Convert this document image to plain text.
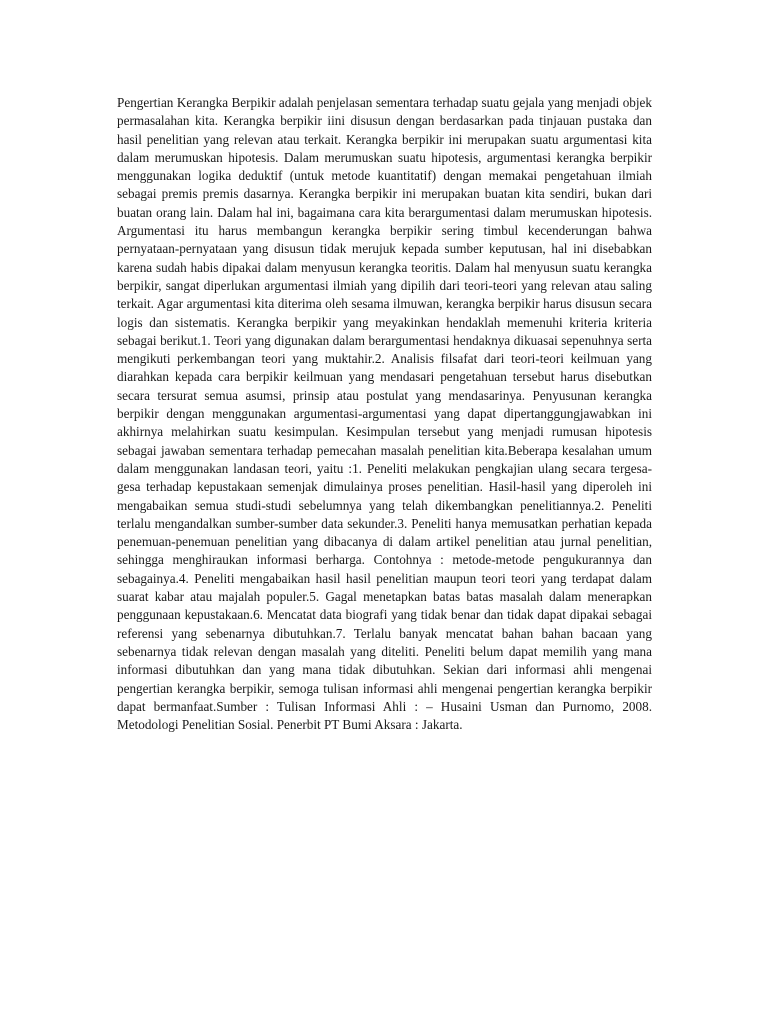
Pengertian Kerangka Berpikir adalah penjelasan sementara terhadap suatu gejala yang menjadi objek permasalahan kita. Kerangka berpikir iini disusun dengan berdasarkan pada tinjauan pustaka dan hasil penelitian yang relevan atau terkait. Kerangka berpikir ini merupakan suatu argumentasi kita dalam merumuskan hipotesis. Dalam merumuskan suatu hipotesis, argumentasi kerangka berpikir menggunakan logika deduktif (untuk metode kuantitatif) dengan memakai pengetahuan ilmiah sebagai premis premis dasarnya. Kerangka berpikir ini merupakan buatan kita sendiri, bukan dari buatan orang lain. Dalam hal ini, bagaimana cara kita berargumentasi dalam merumuskan hipotesis. Argumentasi itu harus membangun kerangka berpikir sering timbul kecenderungan bahwa pernyataan-pernyataan yang disusun tidak merujuk kepada sumber keputusan, hal ini disebabkan karena sudah habis dipakai dalam menyusun kerangka teoritis. Dalam hal menyusun suatu kerangka berpikir, sangat diperlukan argumentasi ilmiah yang dipilih dari teori-teori yang relevan atau saling terkait. Agar argumentasi kita diterima oleh sesama ilmuwan, kerangka berpikir harus disusun secara logis dan sistematis. Kerangka berpikir yang meyakinkan hendaklah memenuhi kriteria kriteria sebagai berikut.1. Teori yang digunakan dalam berargumentasi hendaknya dikuasai sepenuhnya serta mengikuti perkembangan teori yang muktahir.2. Analisis filsafat dari teori-teori keilmuan yang diarahkan kepada cara berpikir keilmuan yang mendasari pengetahuan tersebut harus disebutkan secara tersurat semua asumsi, prinsip atau postulat yang mendasarinya. Penyusunan kerangka berpikir dengan menggunakan argumentasi-argumentasi yang dapat dipertanggungjawabkan ini akhirnya melahirkan suatu kesimpulan. Kesimpulan tersebut yang menjadi rumusan hipotesis sebagai jawaban sementara terhadap pemecahan masalah penelitian kita.Beberapa kesalahan umum dalam menggunakan landasan teori, yaitu :1. Peneliti melakukan pengkajian ulang secara tergesa-gesa terhadap kepustakaan semenjak dimulainya proses penelitian. Hasil-hasil yang diperoleh ini mengabaikan semua studi-studi sebelumnya yang telah dikembangkan penelitiannya.2. Peneliti terlalu mengandalkan sumber-sumber data sekunder.3. Peneliti hanya memusatkan perhatian kepada penemuan-penemuan penelitian yang dibacanya di dalam artikel penelitian atau jurnal penelitian, sehingga menghiraukan informasi berharga. Contohnya : metode-metode pengukurannya dan sebagainya.4. Peneliti mengabaikan hasil hasil penelitian maupun teori teori yang terdapat dalam suarat kabar atau majalah populer.5. Gagal menetapkan batas batas masalah dalam menerapkan penggunaan kepustakaan.6. Mencatat data biografi yang tidak benar dan tidak dapat dipakai sebagai referensi yang sebenarnya dibutuhkan.7. Terlalu banyak mencatat bahan bahan bacaan yang sebenarnya tidak relevan dengan masalah yang diteliti. Peneliti belum dapat memilih yang mana informasi dibutuhkan dan yang mana tidak dibutuhkan. Sekian dari informasi ahli mengenai pengertian kerangka berpikir, semoga tulisan informasi ahli mengenai pengertian kerangka berpikir dapat bermanfaat.Sumber : Tulisan Informasi Ahli : – Husaini Usman dan Purnomo, 2008. Metodologi Penelitian Sosial. Penerbit PT Bumi Aksara : Jakarta.
